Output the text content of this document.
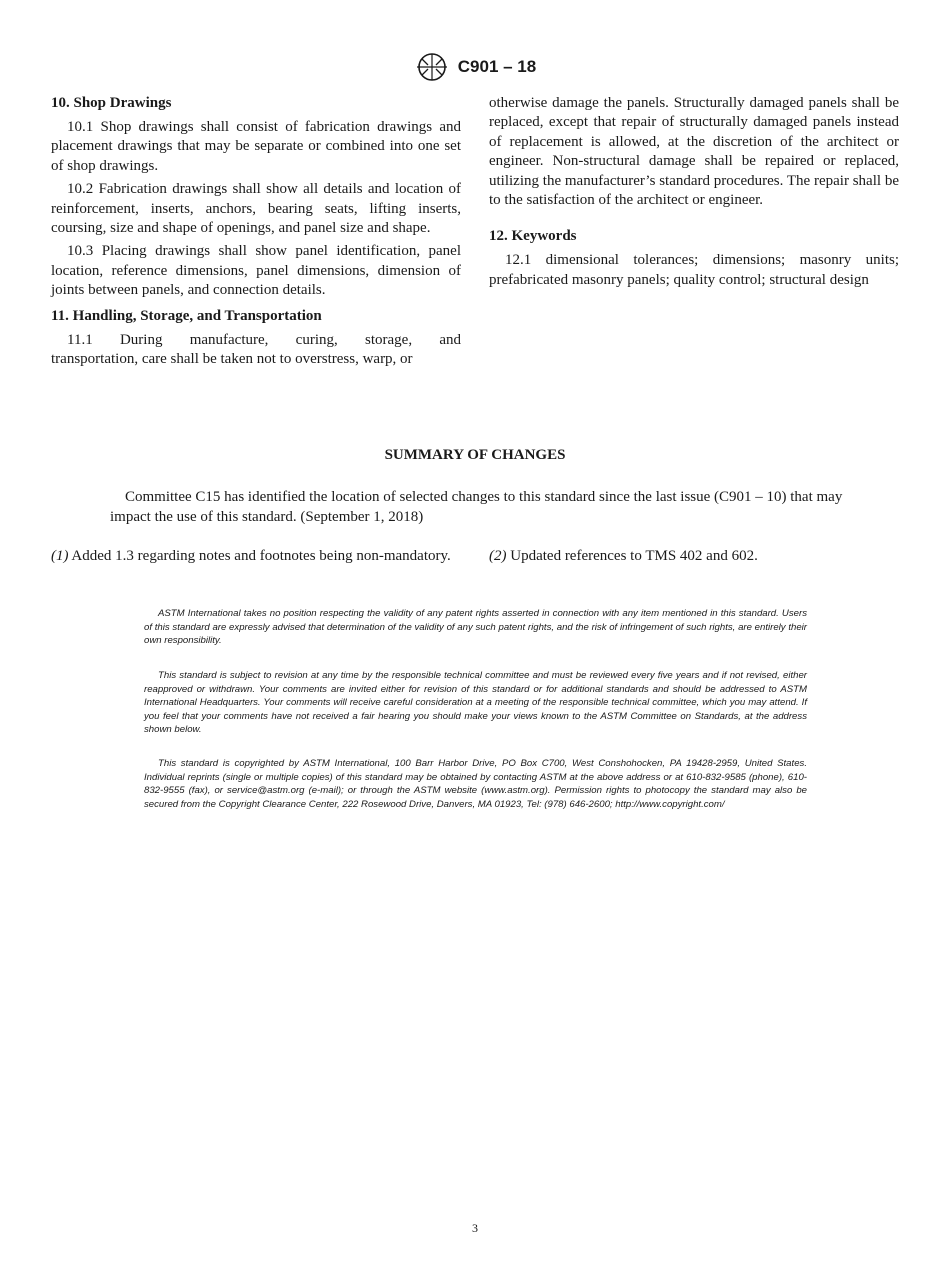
C901 – 18
10. Shop Drawings

10.1 Shop drawings shall consist of fabrication drawings and placement drawings that may be separate or combined into one set of shop drawings.

10.2 Fabrication drawings shall show all details and location of reinforcement, inserts, anchors, bearing seats, lifting inserts, coursing, size and shape of openings, and panel size and shape.

10.3 Placing drawings shall show panel identification, panel location, reference dimensions, panel dimensions, dimension of joints between panels, and connection details.

11. Handling, Storage, and Transportation

11.1 During manufacture, curing, storage, and

transportation, care shall be taken not to overstress, warp, or

otherwise damage the panels. Structurally damaged panels shall be replaced, except that repair of structurally damaged panels instead of replacement is allowed, at the discretion of the architect or engineer. Non-structural damage shall be repaired or replaced, utilizing the manufacturer’s standard procedures. The repair shall be to the satisfaction of the architect or engineer.

12. Keywords

12.1 dimensional tolerances; dimensions; masonry units; prefabricated masonry panels; quality control; structural design

SUMMARY OF CHANGES

Committee C15 has identified the location of selected changes to this standard since the last issue (C901 – 10) that may impact the use of this standard. (September 1, 2018)

(1) Added 1.3 regarding notes and footnotes being non-mandatory.	(2) Updated references to TMS 402 and 602.

ASTM International takes no position respecting the validity of any patent rights asserted in connection with any item mentioned in this standard. Users of this standard are expressly advised that determination of the validity of any such patent rights, and the risk of infringement of such rights, are entirely their own responsibility.

This standard is subject to revision at any time by the responsible technical committee and must be reviewed every five years and if not revised, either reapproved or withdrawn. Your comments are invited either for revision of this standard or for additional standards and should be addressed to ASTM International Headquarters. Your comments will receive careful consideration at a meeting of the responsible technical committee, which you may attend. If you feel that your comments have not received a fair hearing you should make your views known to the ASTM Committee on Standards, at the address shown below.

This standard is copyrighted by ASTM International, 100 Barr Harbor Drive, PO Box C700, West Conshohocken, PA 19428-2959, United States. Individual reprints (single or multiple copies) of this standard may be obtained by contacting ASTM at the above address or at 610-832-9585 (phone), 610-832-9555 (fax), or service@astm.org (e-mail); or through the ASTM website (www.astm.org). Permission rights to photocopy the standard may also be secured from the Copyright Clearance Center, 222 Rosewood Drive, Danvers, MA 01923, Tel: (978) 646-2600; http://www.copyright.com/

3
